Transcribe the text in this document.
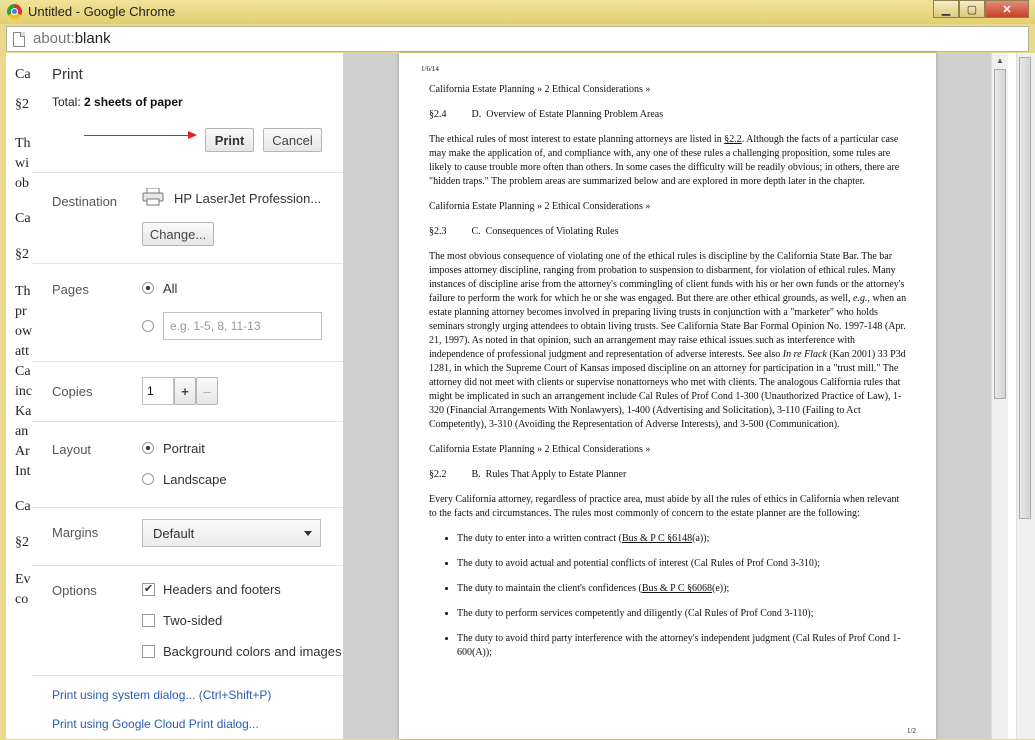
Untitled - Google Chrome	▁	▢	✕
about:blank
Ca
§2
Th
wi
ob
Ca
§2
Th
pr
ow
att
Ca
inc
Ka
an
Ar
Int
Ca
§2
Ev
co
Print
Total: 2 sheets of paper
Print	Cancel
Destination	HP LaserJet Profession...
Change...
Pages	All
e.g. 1-5, 8, 11-13
Copies
1	+	–
Layout	Portrait
Landscape
Margins	Default
Options	✔ Headers and footers
Two-sided
Background colors and images
Print using system dialog... (Ctrl+Shift+P)
Print using Google Cloud Print dialog...
1/6/14

California Estate Planning » 2 Ethical Considerations »

§2.4          D.  Overview of Estate Planning Problem Areas

The ethical rules of most interest to estate planning attorneys are listed in §2.2. Although the facts of a particular case may make the application of, and compliance with, any one of these rules a challenging proposition, some rules are likely to cause trouble more often than others. In some cases the difficulty will be readily obvious; in others, there are "hidden traps." The problem areas are summarized below and are explored in more depth later in the chapter.

California Estate Planning » 2 Ethical Considerations »

§2.3          C.  Consequences of Violating Rules

The most obvious consequence of violating one of the ethical rules is discipline by the California State Bar. The bar imposes attorney discipline, ranging from probation to suspension to disbarment, for violation of ethical rules. Many instances of discipline arise from the attorney's commingling of client funds with his or her own funds or the attorney's failure to perform the work for which he or she was engaged. But there are other ethical grounds, as well, e.g., when an estate planning attorney becomes involved in preparing living trusts in conjunction with a "marketer" who holds seminars strongly urging attendees to obtain living trusts. See California State Bar Formal Opinion No. 1997-148 (Apr. 21, 1997). As noted in that opinion, such an arrangement may raise ethical issues such as interference with independence of professional judgment and representation of adverse interests. See also In re Flack (Kan 2001) 33 P3d 1281, in which the Supreme Court of Kansas imposed discipline on an attorney for participation in a "trust mill." The attorney did not meet with clients or supervise nonattorneys who met with clients. The analogous California rules that might be implicated in such an arrangement include Cal Rules of Prof Cond 1-300 (Unauthorized Practice of Law), 1-320 (Financial Arrangements With Nonlawyers), 1-400 (Advertising and Solicitation), 3-110 (Failing to Act Competently), 3-310 (Avoiding the Representation of Adverse Interests), and 3-500 (Communication).

California Estate Planning » 2 Ethical Considerations »

§2.2          B.  Rules That Apply to Estate Planner

Every California attorney, regardless of practice area, must abide by all the rules of ethics in California when relevant to the facts and circumstances. The rules most commonly of concern to the estate planner are the following:

• The duty to enter into a written contract (Bus & P C §6148(a));
• The duty to avoid actual and potential conflicts of interest (Cal Rules of Prof Cond 3-310);
• The duty to maintain the client's confidences (Bus & P C §6068(e));
• The duty to perform services competently and diligently (Cal Rules of Prof Cond 3-110);
• The duty to avoid third party interference with the attorney's independent judgment (Cal Rules of Prof Cond 1-600(A));
1/2
▲
